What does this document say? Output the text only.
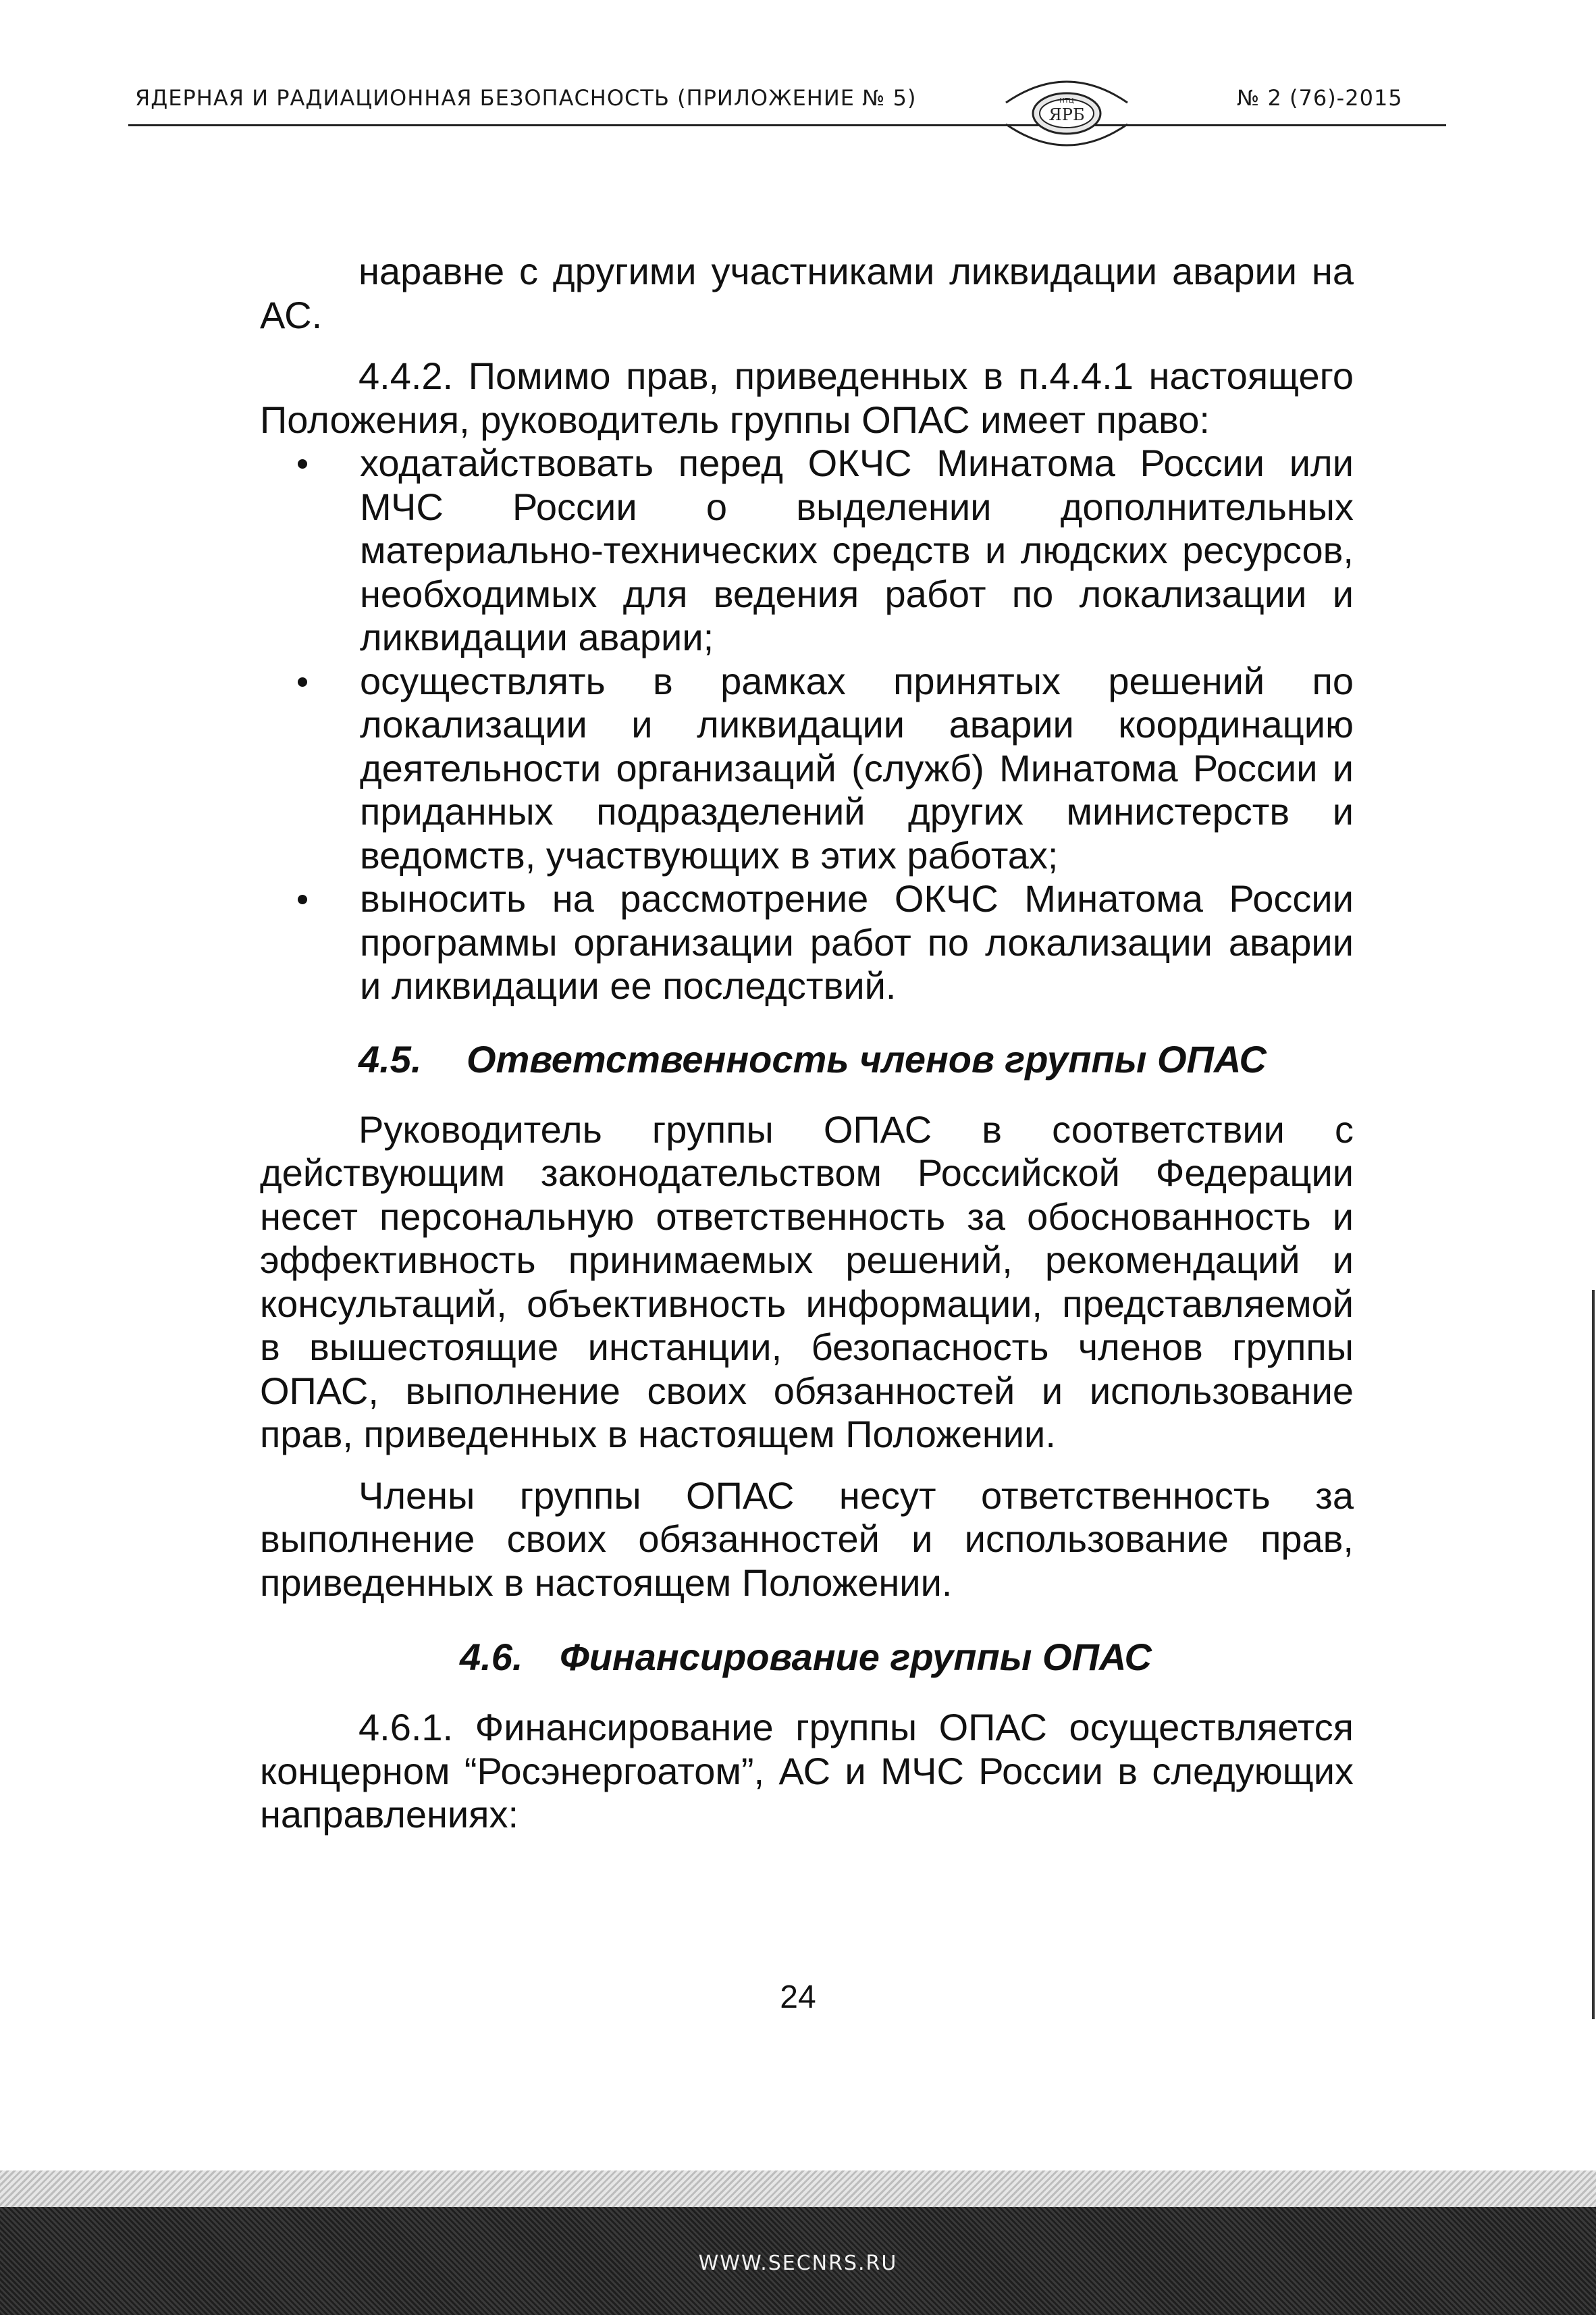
ЯДЕРНАЯ И РАДИАЦИОННАЯ БЕЗОПАСНОСТЬ (ПРИЛОЖЕНИЕ № 5)	№ 2 (76)-2015
НТЦ
ЯРБ

наравне с другими участниками ликвидации аварии на АС.

4.4.2. Помимо прав, приведенных в п.4.4.1 настоящего Положения, руководитель группы ОПАС имеет право:

ходатайствовать перед ОКЧС Минатома России или МЧС России о выделении дополнительных материально-технических средств и людских ресурсов, необходимых для ведения работ по локализации и ликвидации аварии;

осуществлять в рамках принятых решений по локализации и ликвидации аварии координацию деятельности организаций (служб) Минатома России и приданных подразделений других министерств и ведомств, участвующих в этих работах;

выносить на рассмотрение ОКЧС Минатома России программы организации работ по локализации аварии и ликвидации ее последствий.

4.5. Ответственность членов группы ОПАС

Руководитель группы ОПАС в соответствии с действующим законодательством Российской Федерации несет персональную ответственность за обоснованность и эффективность принимаемых решений, рекомендаций и консультаций, объективность информации, представляемой в вышестоящие инстанции, безопасность членов группы ОПАС, выполнение своих обязанностей и использование прав, приведенных в настоящем Положении.

Члены группы ОПАС несут ответственность за выполнение своих обязанностей и использование прав, приведенных в настоящем Положении.

4.6. Финансирование группы ОПАС

4.6.1. Финансирование группы ОПАС осуществляется концерном “Росэнергоатом”, АС и МЧС России в следующих направлениях:

24
WWW.SECNRS.RU
